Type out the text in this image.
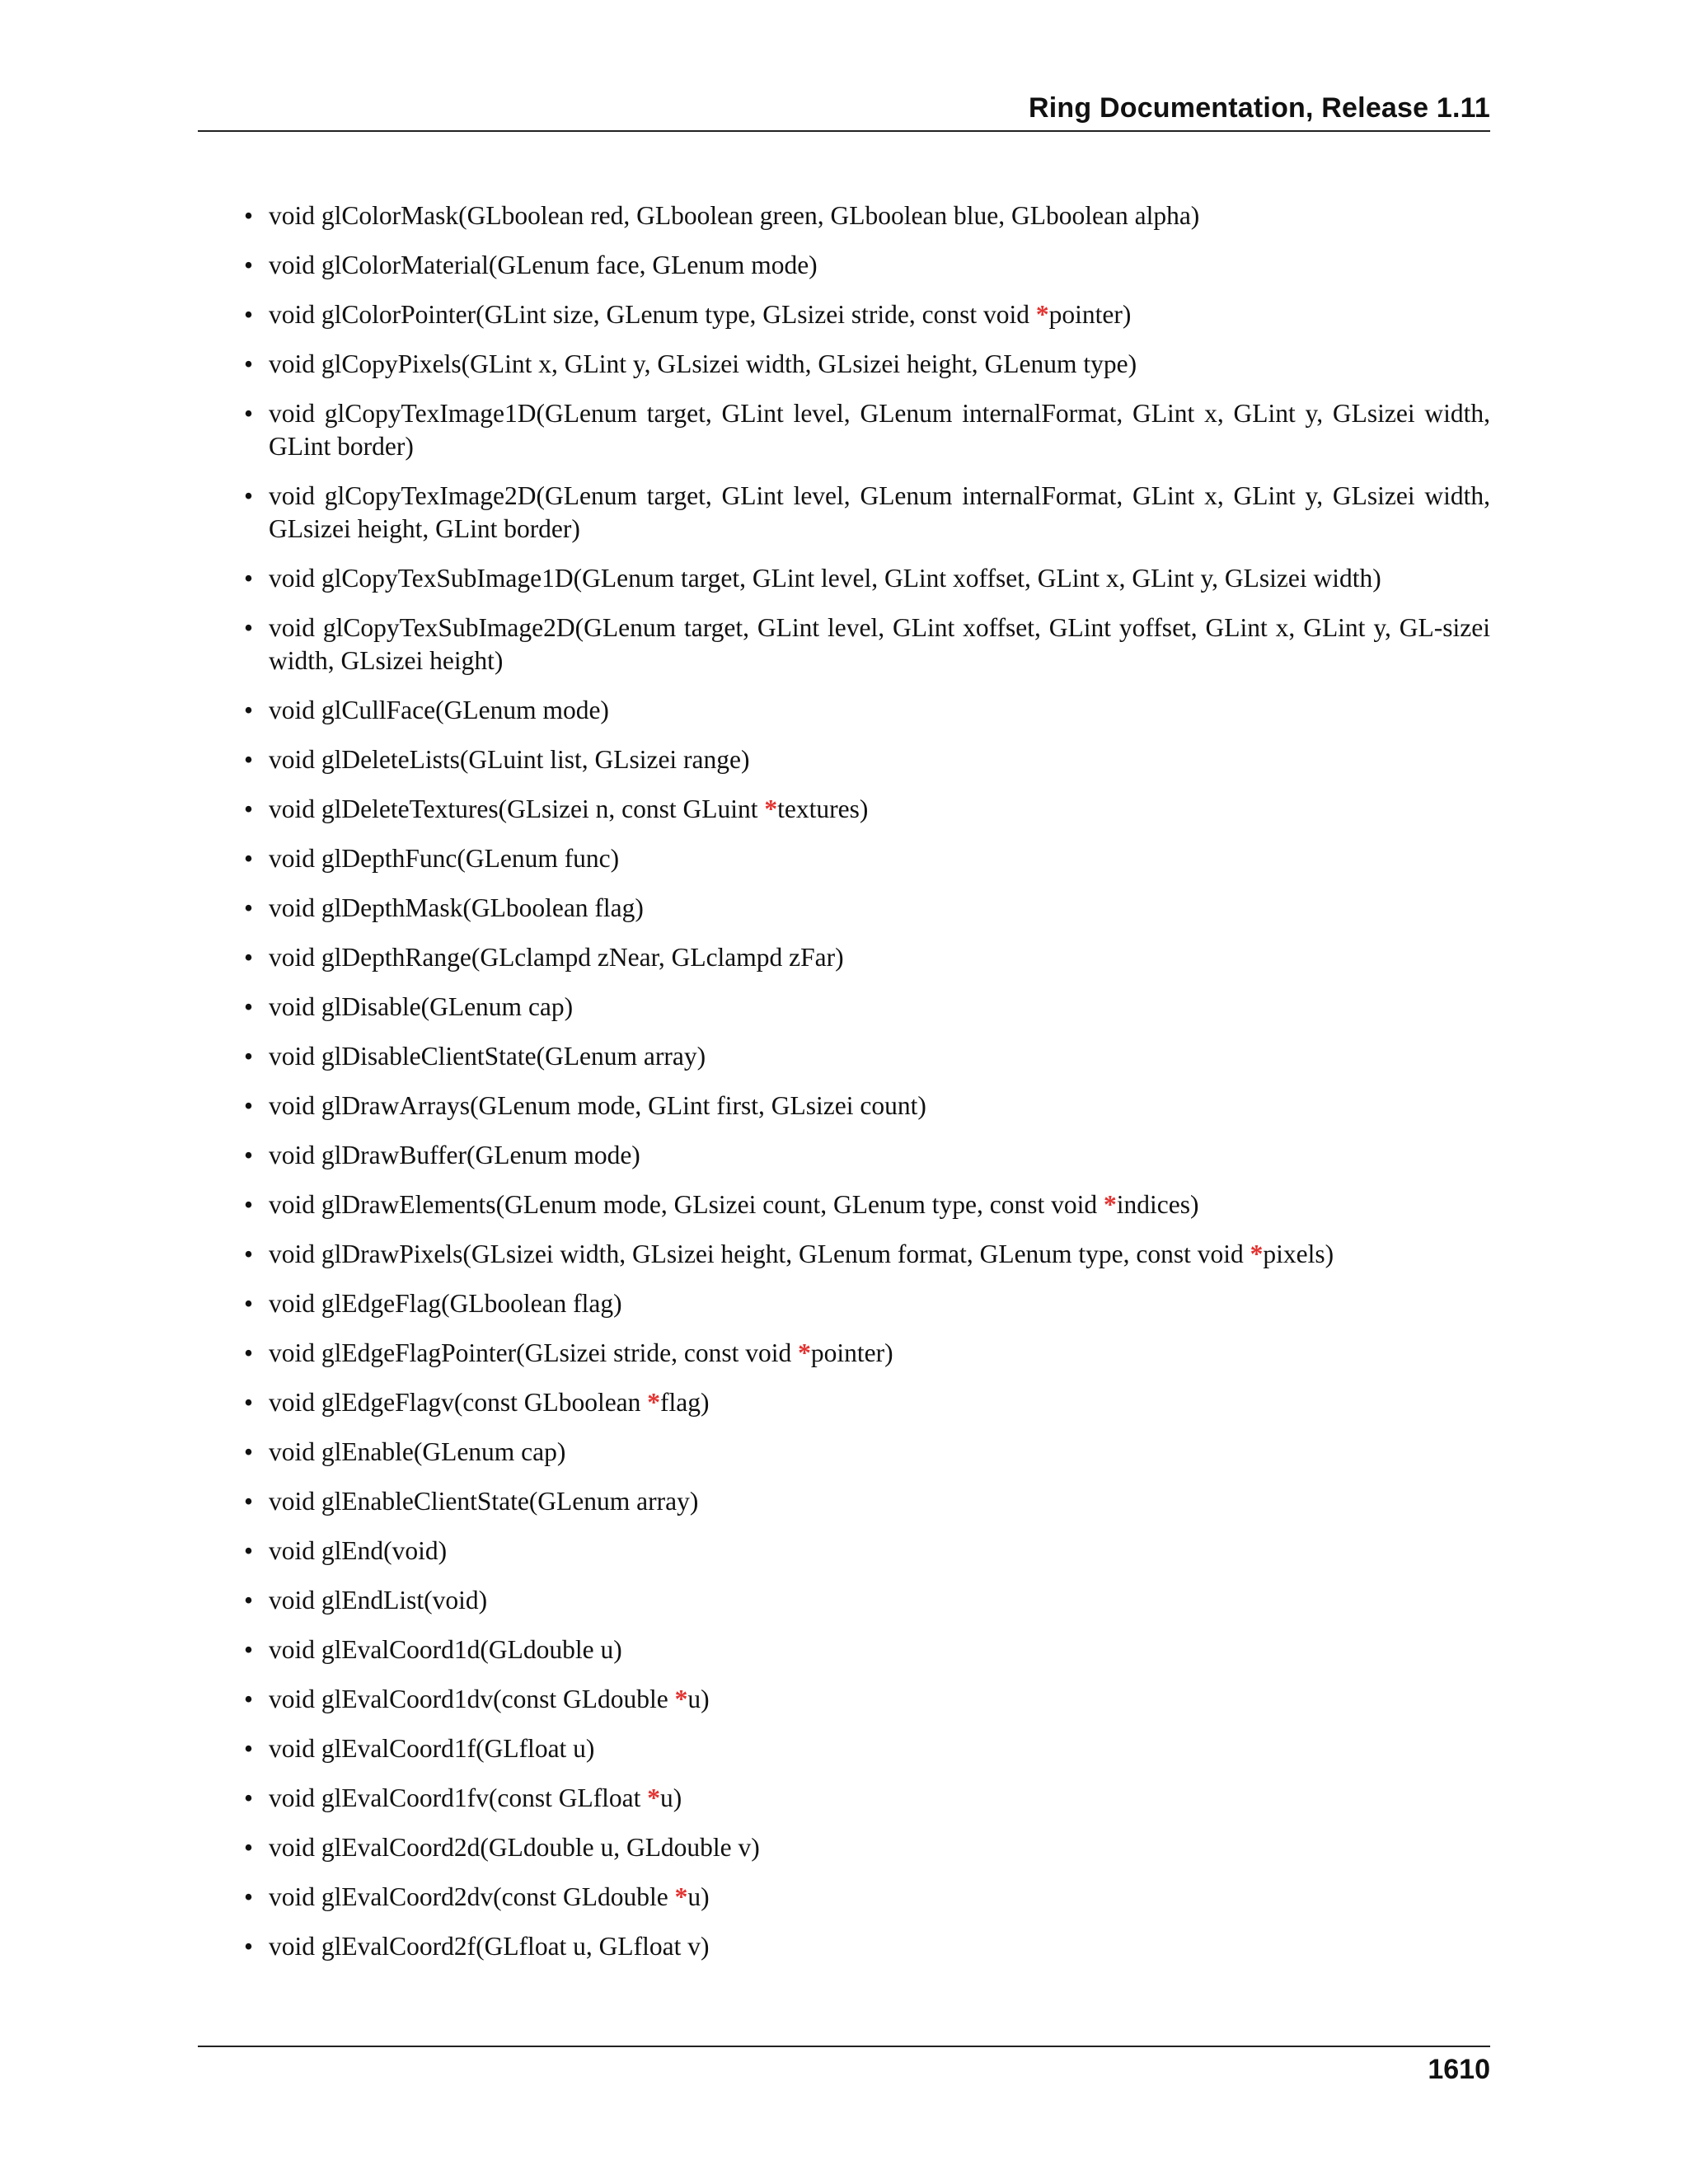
Ring Documentation, Release 1.11
• void glColorMask(GLboolean red, GLboolean green, GLboolean blue, GLboolean alpha)
• void glColorMaterial(GLenum face, GLenum mode)
• void glColorPointer(GLint size, GLenum type, GLsizei stride, const void *pointer)
• void glCopyPixels(GLint x, GLint y, GLsizei width, GLsizei height, GLenum type)
• void glCopyTexImage1D(GLenum target, GLint level, GLenum internalFormat, GLint x, GLint y, GLsizei width, GLint border)
• void glCopyTexImage2D(GLenum target, GLint level, GLenum internalFormat, GLint x, GLint y, GLsizei width, GLsizei height, GLint border)
• void glCopyTexSubImage1D(GLenum target, GLint level, GLint xoffset, GLint x, GLint y, GLsizei width)
• void glCopyTexSubImage2D(GLenum target, GLint level, GLint xoffset, GLint yoffset, GLint x, GLint y, GL-sizei width, GLsizei height)
• void glCullFace(GLenum mode)
• void glDeleteLists(GLuint list, GLsizei range)
• void glDeleteTextures(GLsizei n, const GLuint *textures)
• void glDepthFunc(GLenum func)
• void glDepthMask(GLboolean flag)
• void glDepthRange(GLclampd zNear, GLclampd zFar)
• void glDisable(GLenum cap)
• void glDisableClientState(GLenum array)
• void glDrawArrays(GLenum mode, GLint first, GLsizei count)
• void glDrawBuffer(GLenum mode)
• void glDrawElements(GLenum mode, GLsizei count, GLenum type, const void *indices)
• void glDrawPixels(GLsizei width, GLsizei height, GLenum format, GLenum type, const void *pixels)
• void glEdgeFlag(GLboolean flag)
• void glEdgeFlagPointer(GLsizei stride, const void *pointer)
• void glEdgeFlagv(const GLboolean *flag)
• void glEnable(GLenum cap)
• void glEnableClientState(GLenum array)
• void glEnd(void)
• void glEndList(void)
• void glEvalCoord1d(GLdouble u)
• void glEvalCoord1dv(const GLdouble *u)
• void glEvalCoord1f(GLfloat u)
• void glEvalCoord1fv(const GLfloat *u)
• void glEvalCoord2d(GLdouble u, GLdouble v)
• void glEvalCoord2dv(const GLdouble *u)
• void glEvalCoord2f(GLfloat u, GLfloat v)
1610
